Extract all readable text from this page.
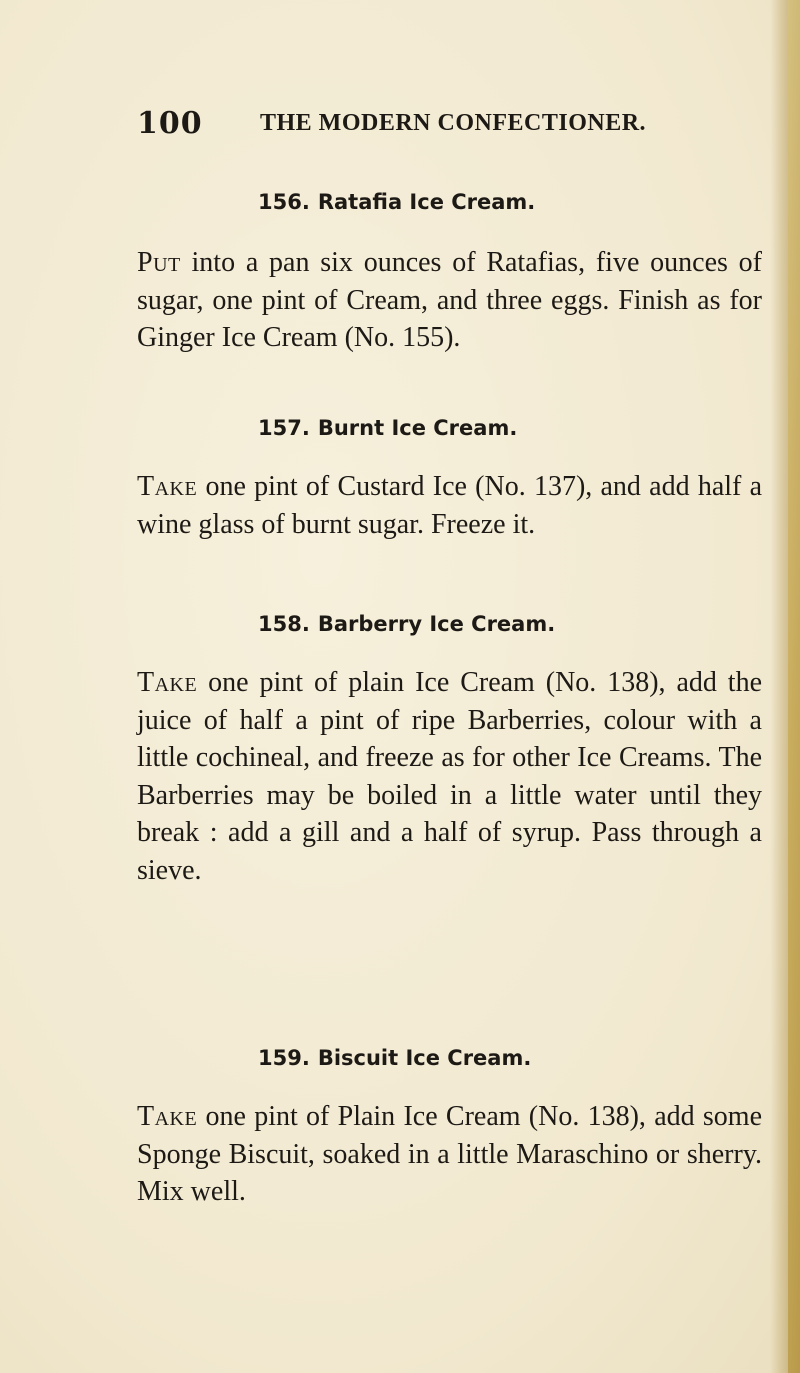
100 THE MODERN CONFECTIONER.
156. Ratafia Ice Cream.

Put into a pan six ounces of Ratafias, five ounces of sugar, one pint of Cream, and three eggs. Finish as for Ginger Ice Cream (No. 155).

157. Burnt Ice Cream.

Take one pint of Custard Ice (No. 137), and add half a wine glass of burnt sugar. Freeze it.

158. Barberry Ice Cream.

Take one pint of plain Ice Cream (No. 138), add the juice of half a pint of ripe Barberries, colour with a little cochineal, and freeze as for other Ice Creams. The Barberries may be boiled in a little water until they break : add a gill and a half of syrup. Pass through a sieve.

159. Biscuit Ice Cream.

Take one pint of Plain Ice Cream (No. 138), add some Sponge Biscuit, soaked in a little Maraschino or sherry. Mix well.
